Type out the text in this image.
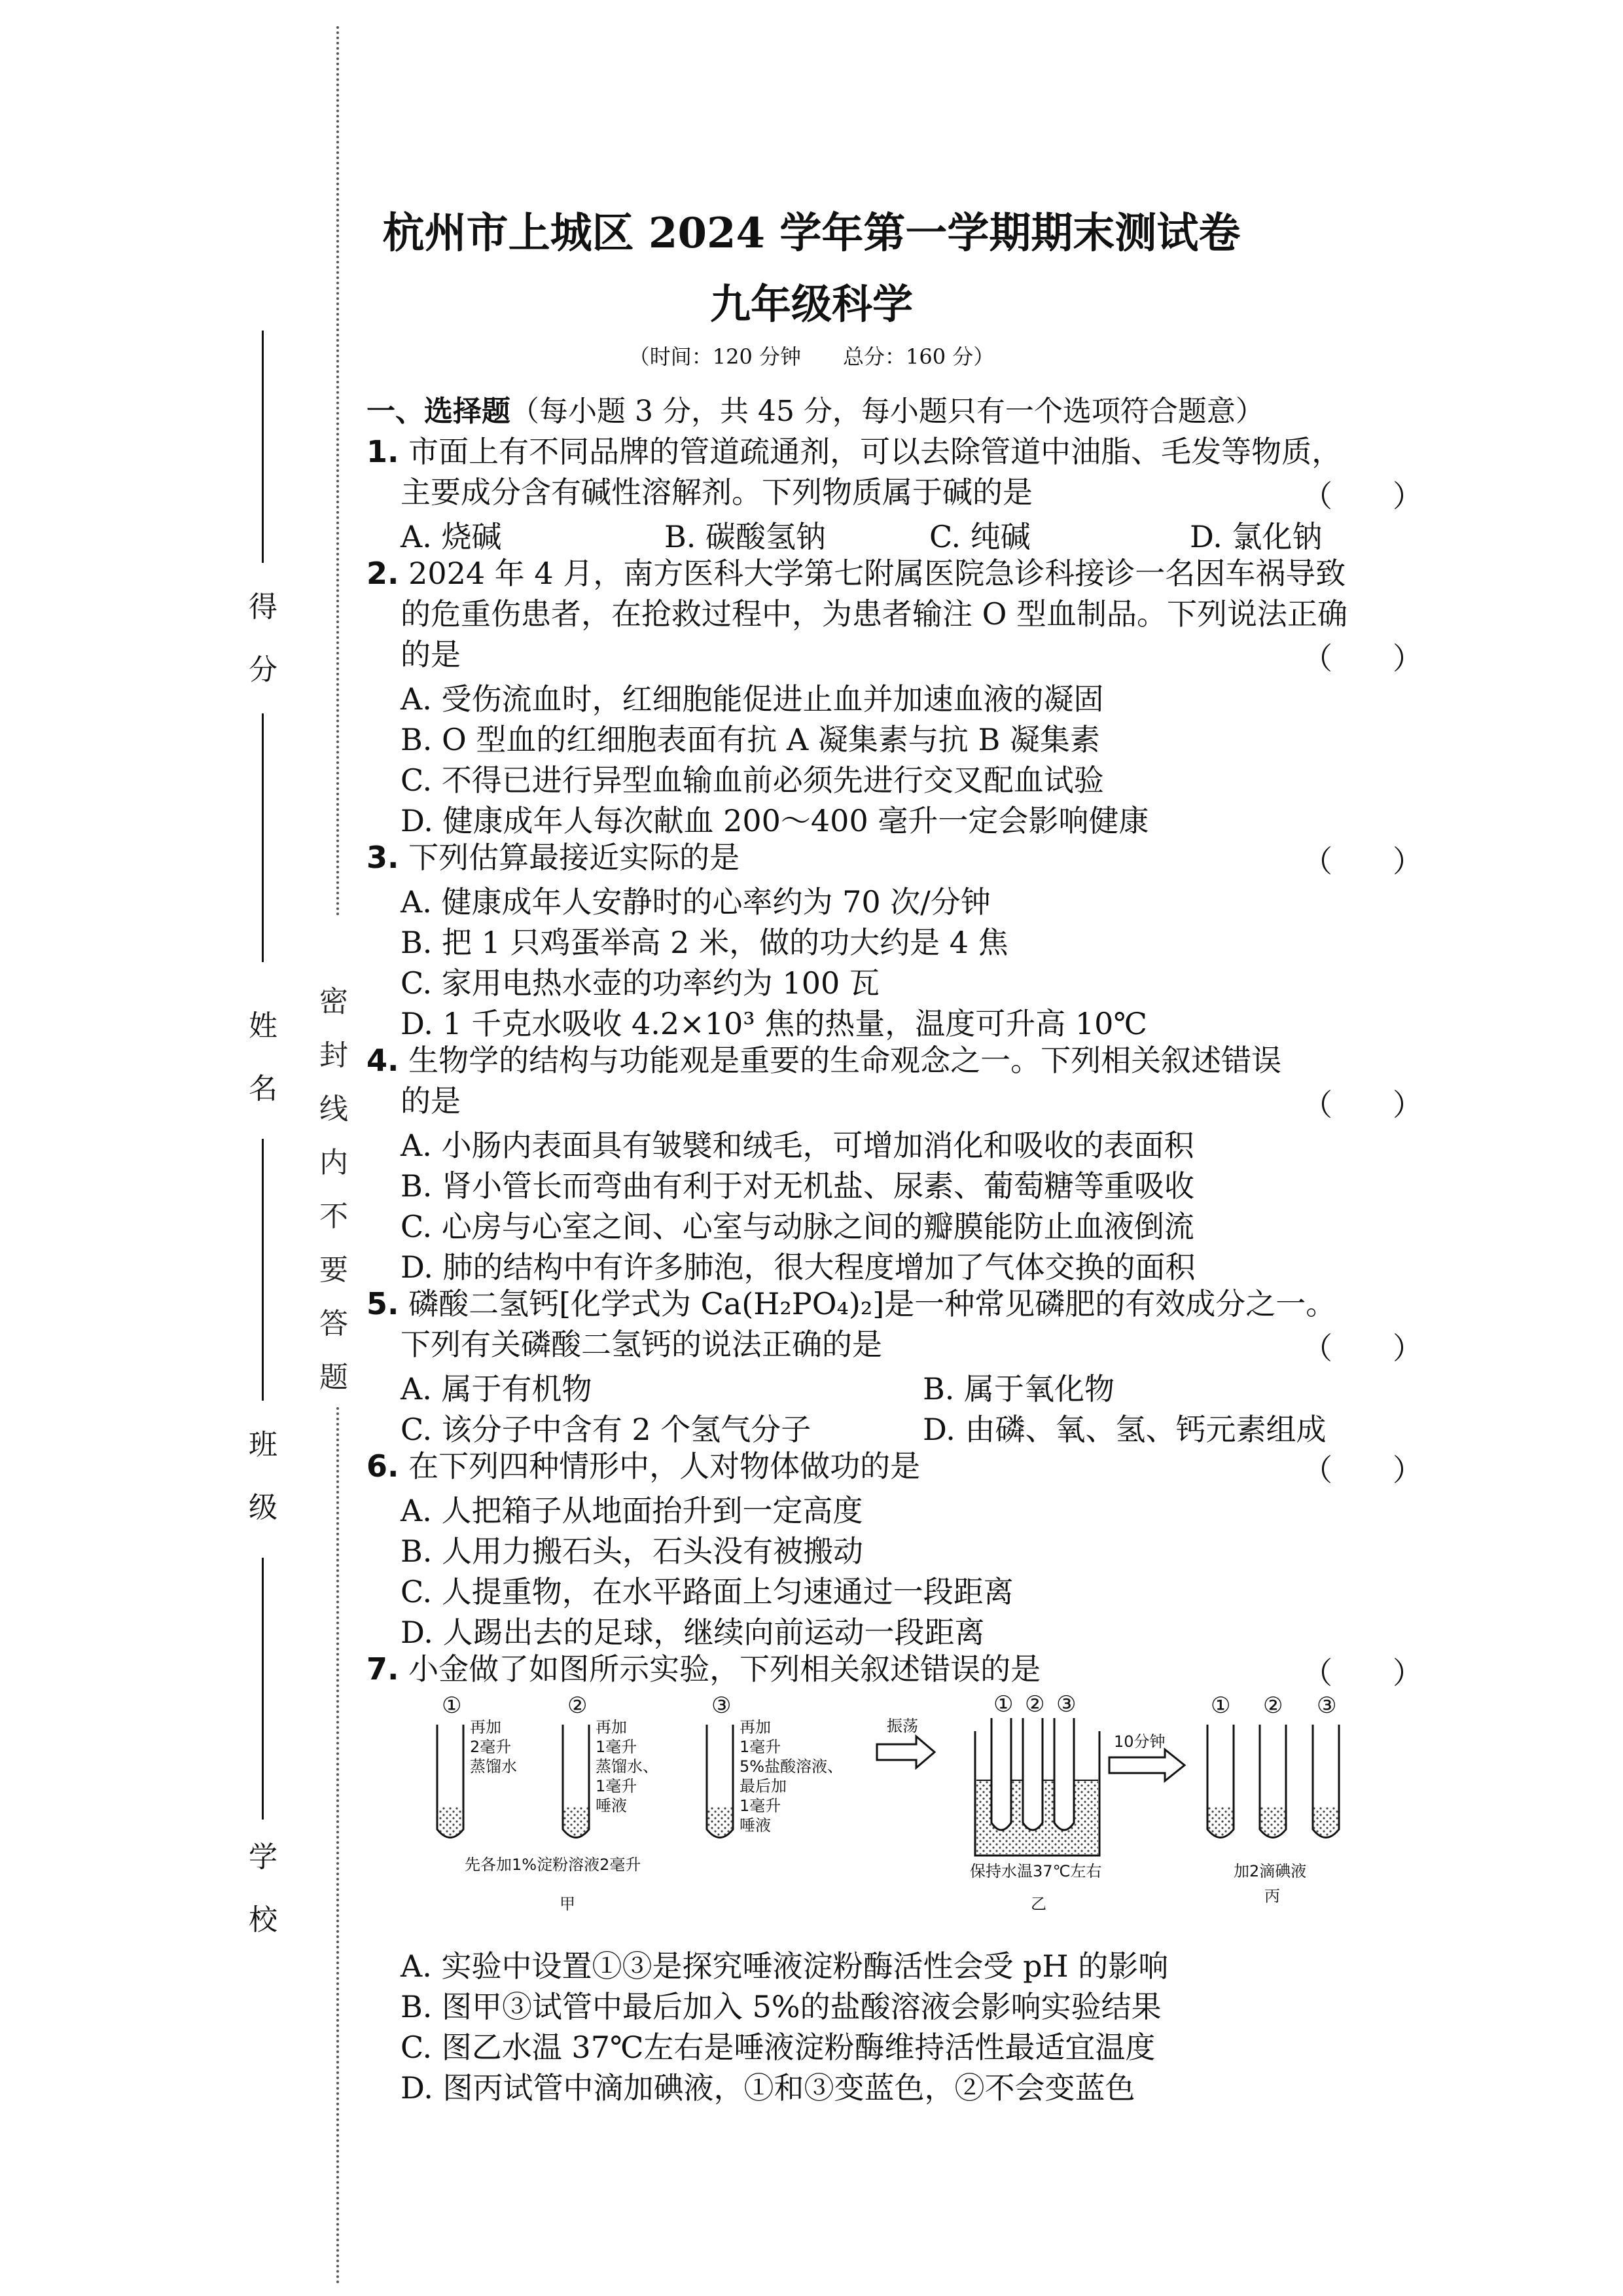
密
封
线
内
不
要
答
题
得
分
姓
名
班
级
学
校
杭州市上城区 2024 学年第一学期期末测试卷
九年级科学
（时间：120 分钟　　总分：160 分）
一、选择题（每小题 3 分，共 45 分，每小题只有一个选项符合题意）
1. 市面上有不同品牌的管道疏通剂，可以去除管道中油脂、毛发等物质，
主要成分含有碱性溶解剂。下列物质属于碱的是	（　　）
A. 烧碱	B. 碳酸氢钠	C. 纯碱	D. 氯化钠
2. 2024 年 4 月，南方医科大学第七附属医院急诊科接诊一名因车祸导致
的危重伤患者，在抢救过程中，为患者输注 O 型血制品。下列说法正确
的是	（　　）
A. 受伤流血时，红细胞能促进止血并加速血液的凝固
B. O 型血的红细胞表面有抗 A 凝集素与抗 B 凝集素
C. 不得已进行异型血输血前必须先进行交叉配血试验
D. 健康成年人每次献血 200～400 毫升一定会影响健康
3. 下列估算最接近实际的是	（　　）
A. 健康成年人安静时的心率约为 70 次/分钟
B. 把 1 只鸡蛋举高 2 米，做的功大约是 4 焦
C. 家用电热水壶的功率约为 100 瓦
D. 1 千克水吸收 4.2×10³ 焦的热量，温度可升高 10℃
4. 生物学的结构与功能观是重要的生命观念之一。下列相关叙述错误
的是	（　　）
A. 小肠内表面具有皱襞和绒毛，可增加消化和吸收的表面积
B. 肾小管长而弯曲有利于对无机盐、尿素、葡萄糖等重吸收
C. 心房与心室之间、心室与动脉之间的瓣膜能防止血液倒流
D. 肺的结构中有许多肺泡，很大程度增加了气体交换的面积
5. 磷酸二氢钙[化学式为 Ca(H₂PO₄)₂]是一种常见磷肥的有效成分之一。
下列有关磷酸二氢钙的说法正确的是	（　　）
A. 属于有机物	B. 属于氧化物
C. 该分子中含有 2 个氢气分子	D. 由磷、氧、氢、钙元素组成
6. 在下列四种情形中，人对物体做功的是	（　　）
A. 人把箱子从地面抬升到一定高度
B. 人用力搬石头，石头没有被搬动
C. 人提重物，在水平路面上匀速通过一段距离
D. 人踢出去的足球，继续向前运动一段距离
7. 小金做了如图所示实验，下列相关叙述错误的是	（　　）
①
再加
2毫升
蒸馏水
②
再加
1毫升
蒸馏水、
1毫升
唾液
③
再加
1毫升
5%盐酸溶液、
最后加
1毫升
唾液
先各加1%淀粉溶液2毫升
甲
振荡
① ② ③
保持水温37℃左右
乙
10分钟
① ② ③
加2滴碘液
丙
A. 实验中设置①③是探究唾液淀粉酶活性会受 pH 的影响
B. 图甲③试管中最后加入 5%的盐酸溶液会影响实验结果
C. 图乙水温 37℃左右是唾液淀粉酶维持活性最适宜温度
D. 图丙试管中滴加碘液，①和③变蓝色，②不会变蓝色
